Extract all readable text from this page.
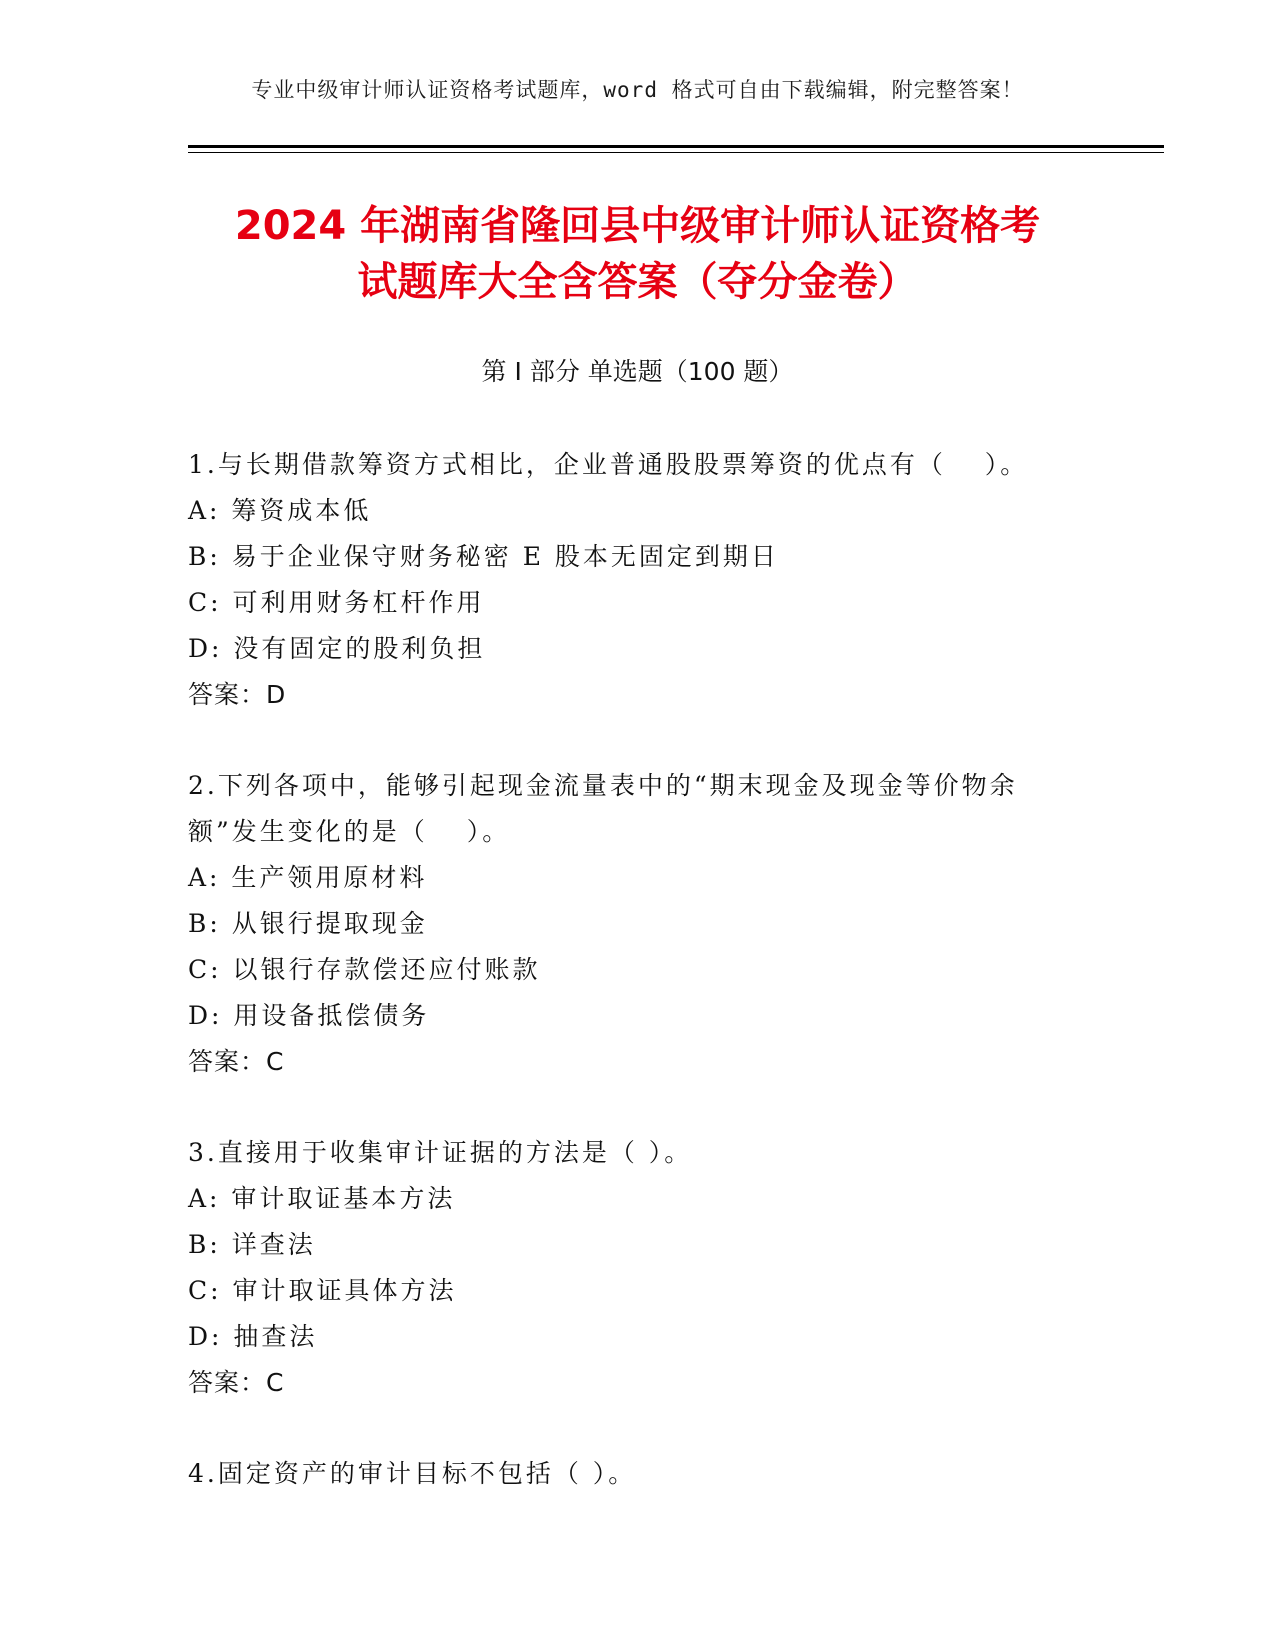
专业中级审计师认证资格考试题库，word 格式可自由下载编辑，附完整答案！
2024 年湖南省隆回县中级审计师认证资格考
试题库大全含答案（夺分金卷）
第 I 部分 单选题（100 题）
1.与长期借款筹资方式相比，企业普通股股票筹资的优点有（　 ）。
A: 筹资成本低
B: 易于企业保守财务秘密 E 股本无固定到期日
C: 可利用财务杠杆作用
D: 没有固定的股利负担
答案：D
2.下列各项中，能够引起现金流量表中的“期末现金及现金等价物余额”发生变化的是（　 ）。
A: 生产领用原材料
B: 从银行提取现金
C: 以银行存款偿还应付账款
D: 用设备抵偿债务
答案：C
3.直接用于收集审计证据的方法是（ ）。
A: 审计取证基本方法
B: 详查法
C: 审计取证具体方法
D: 抽查法
答案：C
4.固定资产的审计目标不包括（ ）。
